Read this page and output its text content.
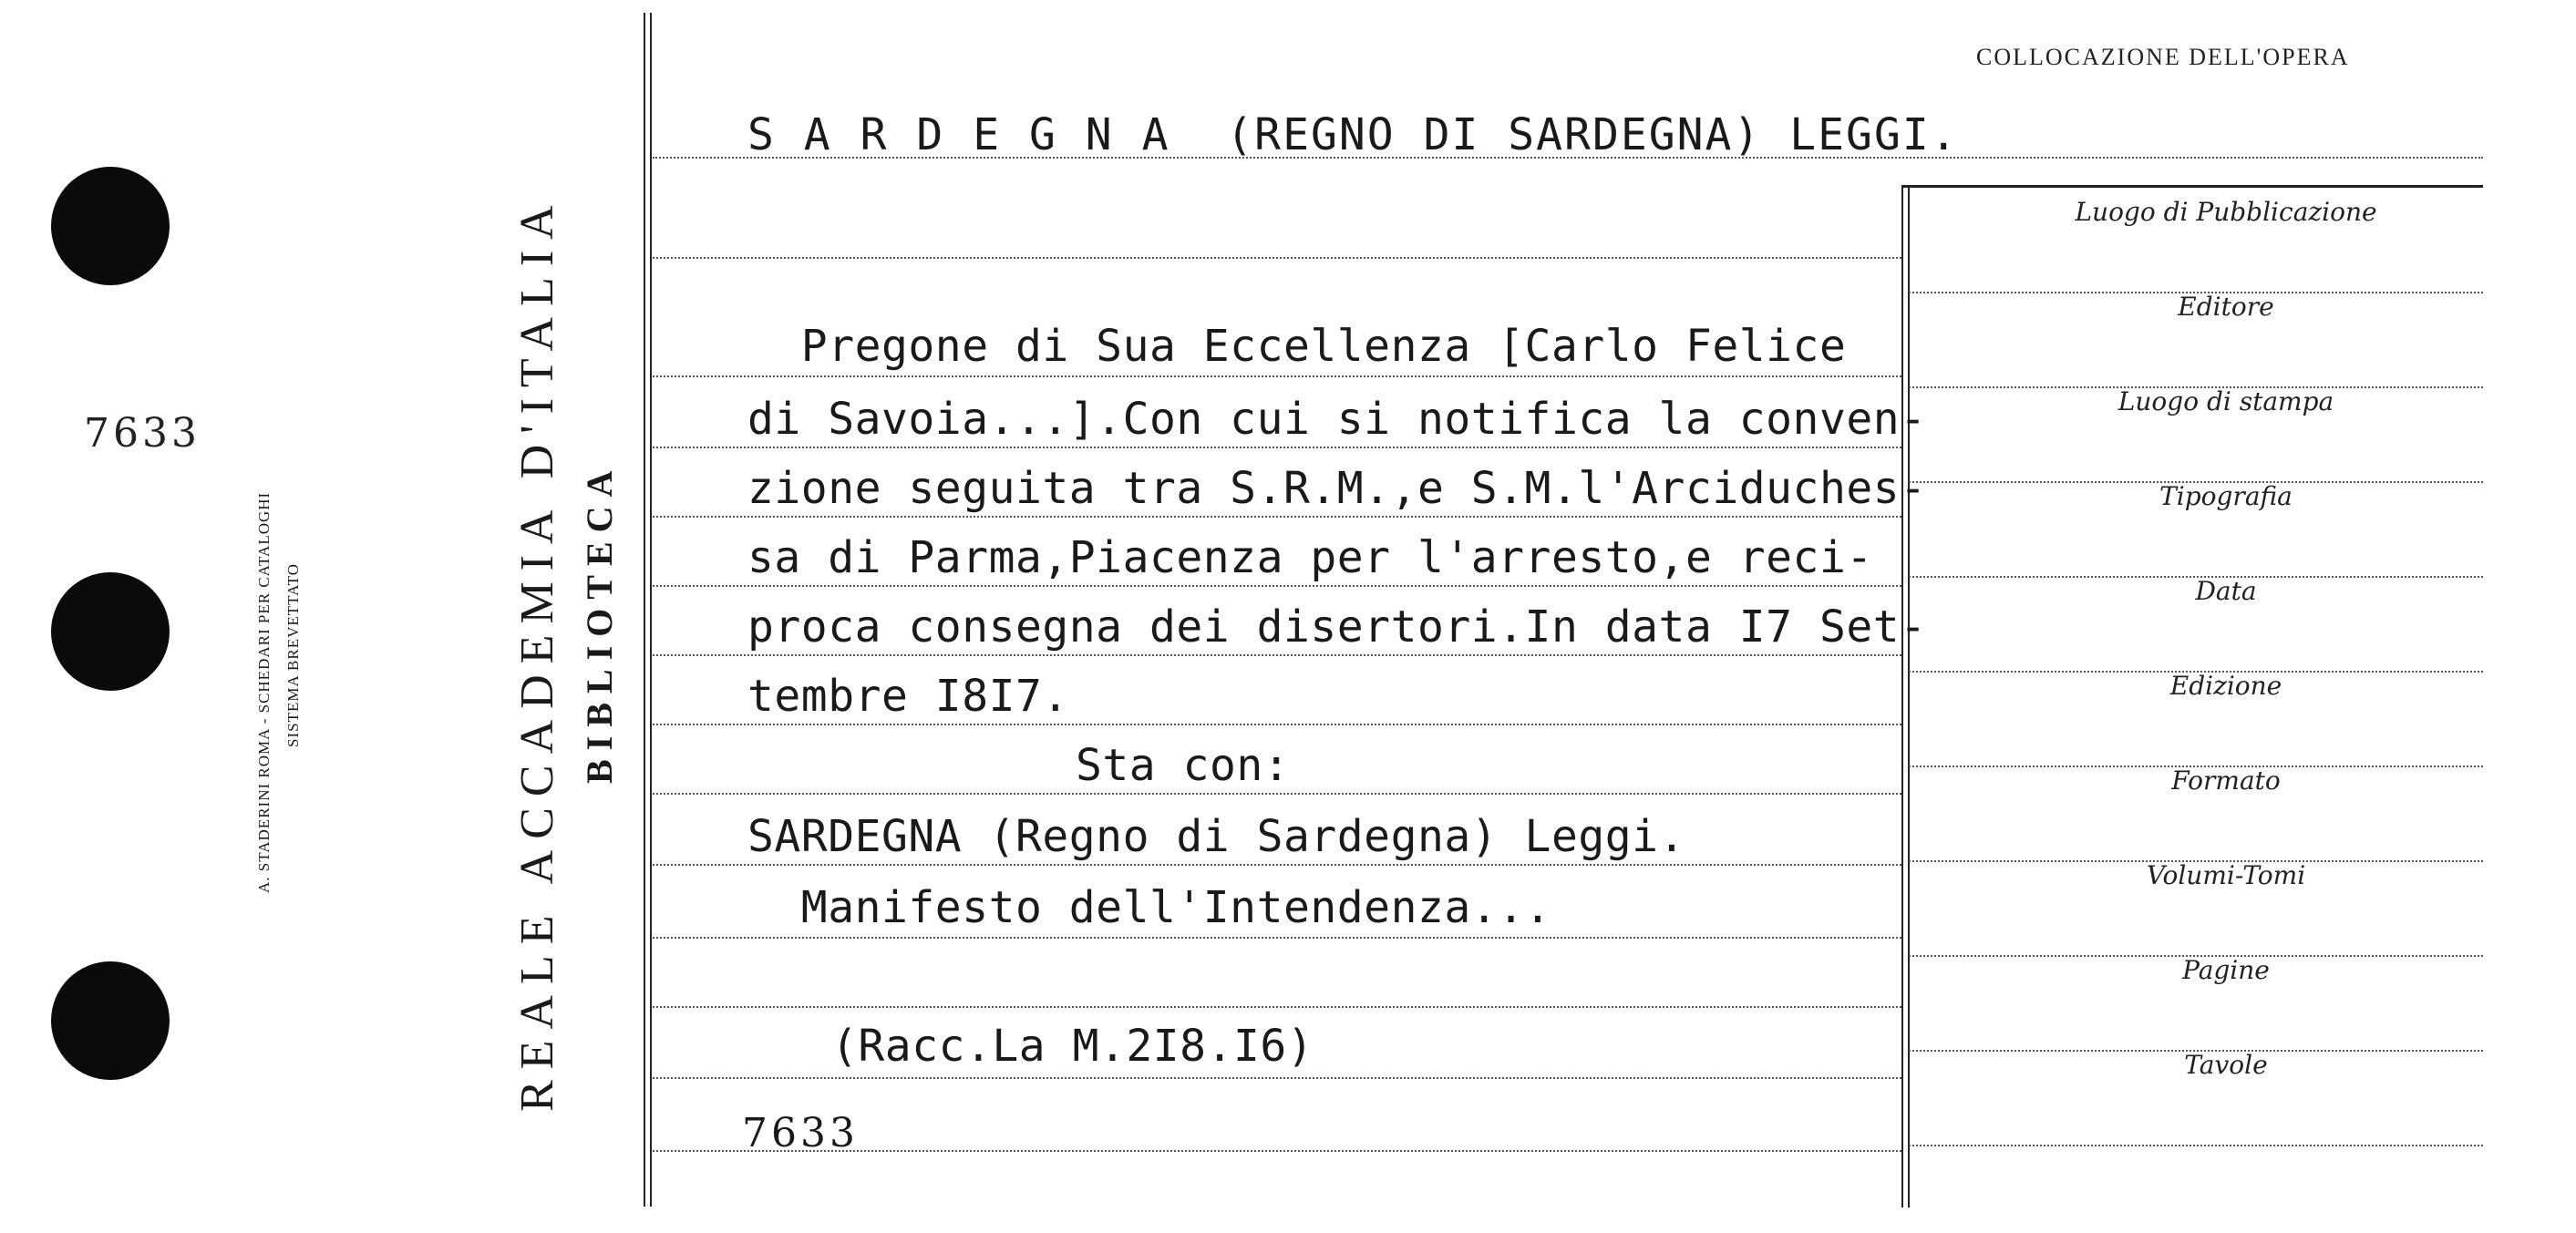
7633
A. STADERINI ROMA - SCHEDARI PER CATALOGHI SISTEMA BREVETTATO	REALE ACCADEMIA D'ITALIA BIBLIOTECA
COLLOCAZIONE DELL'OPERA
S A R D E G N A  (REGNO DI SARDEGNA) LEGGI.
Pregone di Sua Eccellenza [Carlo Felice
di Savoia...].Con cui si notifica la conven-
zione seguita tra S.R.M.,e S.M.l'Arciduches-
sa di Parma,Piacenza per l'arresto,e reci-
proca consegna dei disertori.In data I7 Set-
tembre I8I7.
Sta con:
SARDEGNA (Regno di Sardegna) Leggi.
Manifesto dell'Intendenza...
(Racc.La M.2I8.I6)
7633
Luogo di Pubblicazione
Editore
Luogo di stampa
Tipografia
Data
Edizione
Formato
Volumi-Tomi
Pagine
Tavole
